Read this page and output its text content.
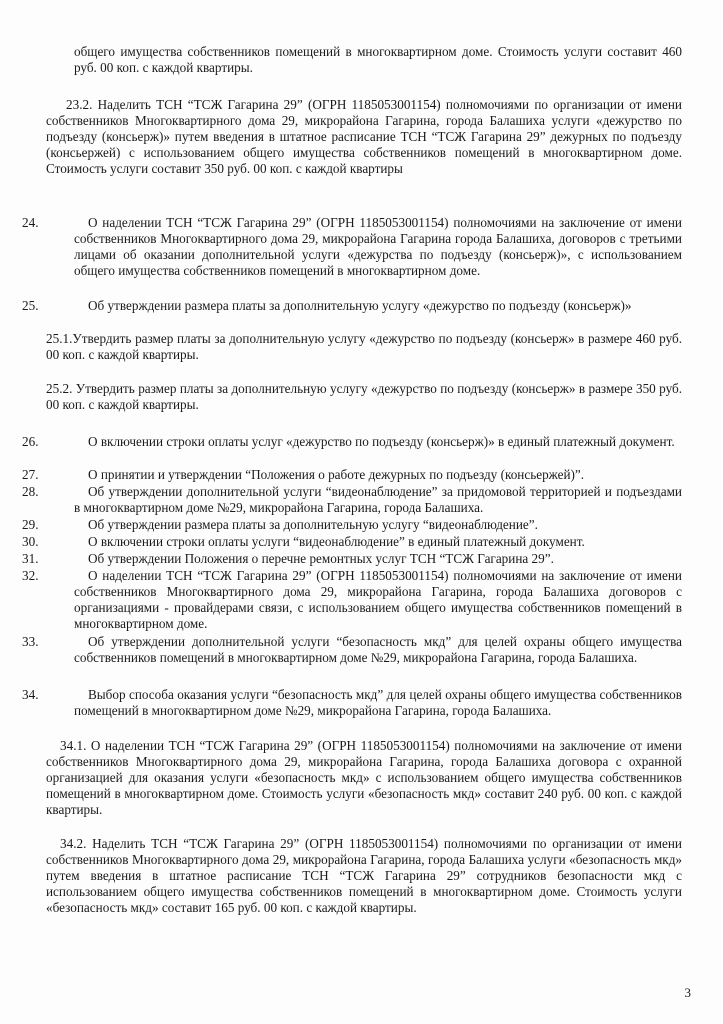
общего имущества собственников помещений в многоквартирном доме. Стоимость услуги составит 460 руб. 00 коп. с каждой квартиры.

23.2. Наделить ТСН “ТСЖ Гагарина 29” (ОГРН 1185053001154) полномочиями по организации от имени собственников Многоквартирного дома 29, микрорайона Гагарина, города Балашиха услуги «дежурство по подъезду (консьерж)» путем введения в штатное расписание ТСН “ТСЖ Гагарина 29” дежурных по подъезду (консьержей) с использованием общего имущества собственников помещений в многоквартирном доме. Стоимость услуги составит 350 руб. 00 коп. с каждой квартиры

24.	О наделении ТСН “ТСЖ Гагарина 29” (ОГРН 1185053001154) полномочиями на заключение от имени собственников Многоквартирного дома 29, микрорайона Гагарина города Балашиха, договоров с третьими лицами об оказании дополнительной услуги «дежурства по подъезду (консьерж)», с использованием общего имущества собственников помещений в многоквартирном доме.

25.	Об утверждении размера платы за дополнительную услугу «дежурство по подъезду (консьерж)»

25.1.Утвердить размер платы за дополнительную услугу «дежурство по подъезду (консьерж» в размере 460 руб. 00 коп. с каждой квартиры.

25.2. Утвердить размер платы за дополнительную услугу «дежурство по подъезду (консьерж» в размере 350 руб. 00 коп. с каждой квартиры.

26.	О включении строки оплаты услуг «дежурство по подъезду (консьерж)» в единый платежный документ.

27.	О принятии и утверждении “Положения о работе дежурных по подъезду (консьержей)”.

28.	Об утверждении дополнительной услуги “видеонаблюдение” за придомовой территорией и подъездами в многоквартирном доме №29, микрорайона Гагарина, города Балашиха.

29.	Об утверждении размера платы за дополнительную услугу “видеонаблюдение”.

30.	О включении строки оплаты услуги “видеонаблюдение” в единый платежный документ.

31.	Об утверждении Положения о перечне ремонтных услуг ТСН “ТСЖ Гагарина 29”.

32.	О наделении ТСН “ТСЖ Гагарина 29” (ОГРН 1185053001154) полномочиями на заключение от имени собственников Многоквартирного дома 29, микрорайона Гагарина, города Балашиха договоров с организациями - провайдерами связи, с использованием общего имущества собственников помещений в многоквартирном доме.

33.	Об утверждении дополнительной услуги “безопасность мкд” для целей охраны общего имущества собственников помещений в многоквартирном доме №29, микрорайона Гагарина, города Балашиха.

34.	Выбор способа оказания услуги “безопасность мкд” для целей охраны общего имущества собственников помещений в многоквартирном доме №29, микрорайона Гагарина, города Балашиха.

34.1. О наделении ТСН “ТСЖ Гагарина 29” (ОГРН 1185053001154) полномочиями на заключение от имени собственников Многоквартирного дома 29, микрорайона Гагарина, города Балашиха договора с охранной организацией для оказания услуги «безопасность мкд» с использованием общего имущества собственников помещений в многоквартирном доме. Стоимость услуги «безопасность мкд» составит 240 руб. 00 коп. с каждой квартиры.

34.2. Наделить ТСН “ТСЖ Гагарина 29” (ОГРН 1185053001154) полномочиями по организации от имени собственников Многоквартирного дома 29, микрорайона Гагарина, города Балашиха услуги «безопасность мкд» путем введения в штатное расписание ТСН “ТСЖ Гагарина 29” сотрудников безопасности мкд с использованием общего имущества собственников помещений в многоквартирном доме. Стоимость услуги «безопасность мкд» составит 165 руб. 00 коп. с каждой квартиры.

3
